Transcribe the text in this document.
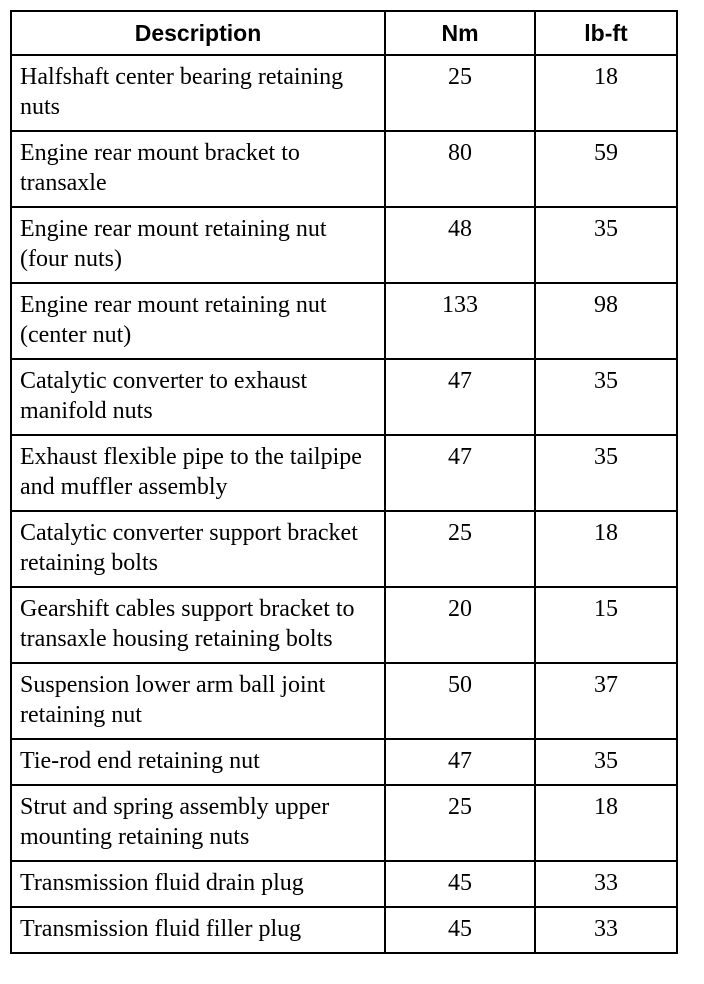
Description	Nm	lb-ft
Halfshaft center bearing retaining nuts	25	18
Engine rear mount bracket to transaxle	80	59
Engine rear mount retaining nut (four nuts)	48	35
Engine rear mount retaining nut (center nut)	133	98
Catalytic converter to exhaust manifold nuts	47	35
Exhaust flexible pipe to the tailpipe and muffler assembly	47	35
Catalytic converter support bracket retaining bolts	25	18
Gearshift cables support bracket to transaxle housing retaining bolts	20	15
Suspension lower arm ball joint retaining nut	50	37
Tie-rod end retaining nut	47	35
Strut and spring assembly upper mounting retaining nuts	25	18
Transmission fluid drain plug	45	33
Transmission fluid filler plug	45	33
